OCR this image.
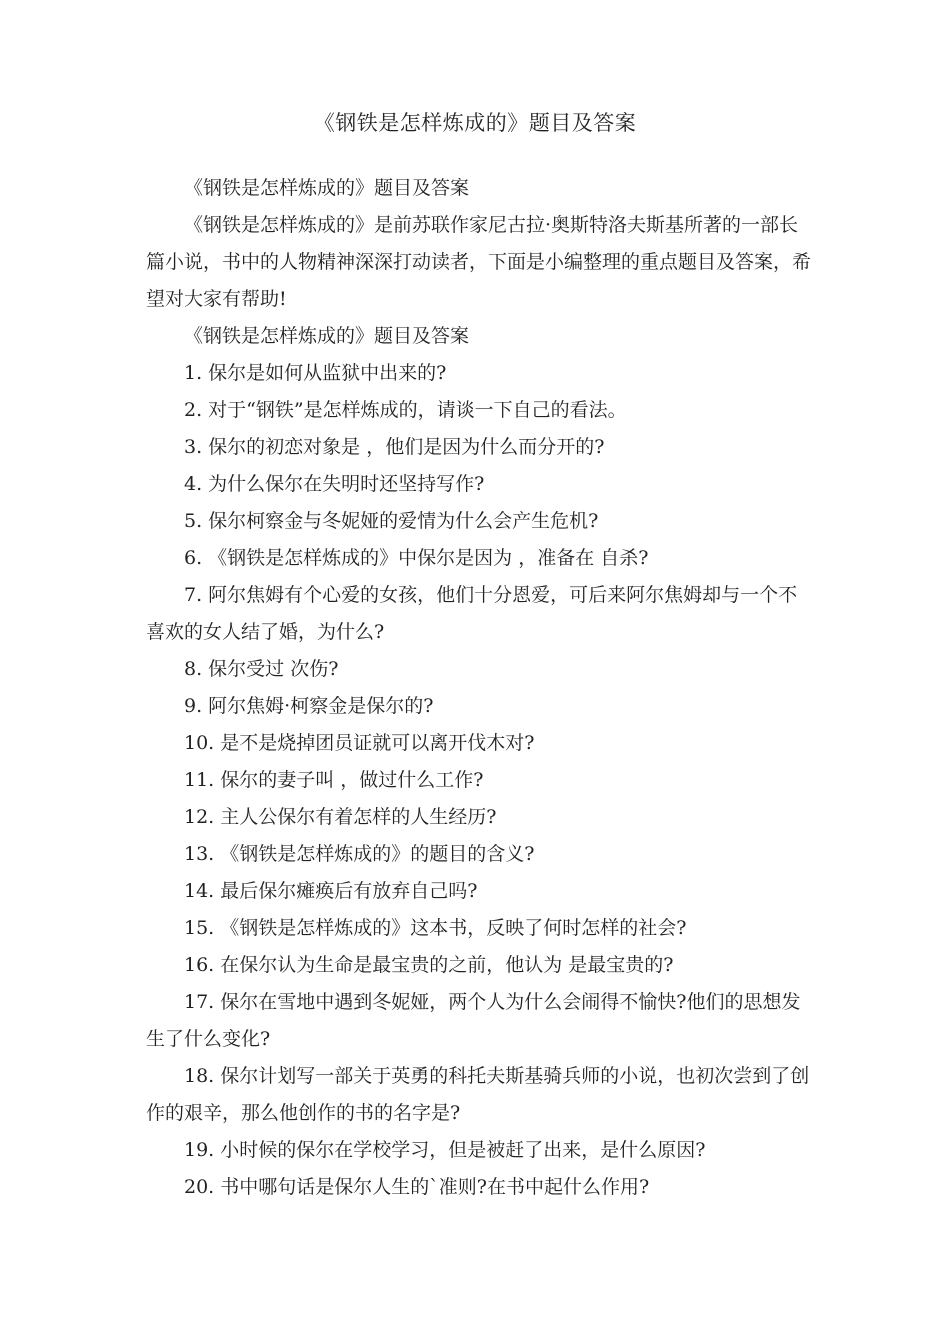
《钢铁是怎样炼成的》题目及答案

《钢铁是怎样炼成的》题目及答案

《钢铁是怎样炼成的》是前苏联作家尼古拉·奥斯特洛夫斯基所著的一部长篇小说，书中的人物精神深深打动读者，下面是小编整理的重点题目及答案，希望对大家有帮助!

《钢铁是怎样炼成的》题目及答案

1. 保尔是如何从监狱中出来的?

2. 对于“钢铁”是怎样炼成的，请谈一下自己的看法。

3. 保尔的初恋对象是 ，他们是因为什么而分开的?

4. 为什么保尔在失明时还坚持写作?

5. 保尔柯察金与冬妮娅的爱情为什么会产生危机?

6. 《钢铁是怎样炼成的》中保尔是因为 ，准备在 自杀?

7. 阿尔焦姆有个心爱的女孩，他们十分恩爱，可后来阿尔焦姆却与一个不喜欢的女人结了婚，为什么?

8. 保尔受过 次伤?

9. 阿尔焦姆·柯察金是保尔的?

10. 是不是烧掉团员证就可以离开伐木对?

11. 保尔的妻子叫 ，做过什么工作?

12. 主人公保尔有着怎样的人生经历?

13. 《钢铁是怎样炼成的》的题目的含义?

14. 最后保尔瘫痪后有放弃自己吗?

15. 《钢铁是怎样炼成的》这本书，反映了何时怎样的社会?

16. 在保尔认为生命是最宝贵的之前，他认为 是最宝贵的?

17. 保尔在雪地中遇到冬妮娅，两个人为什么会闹得不愉快?他们的思想发生了什么变化?

18. 保尔计划写一部关于英勇的科托夫斯基骑兵师的小说，也初次尝到了创作的艰辛，那么他创作的书的名字是?

19. 小时候的保尔在学校学习，但是被赶了出来，是什么原因?

20. 书中哪句话是保尔人生的`准则?在书中起什么作用?
